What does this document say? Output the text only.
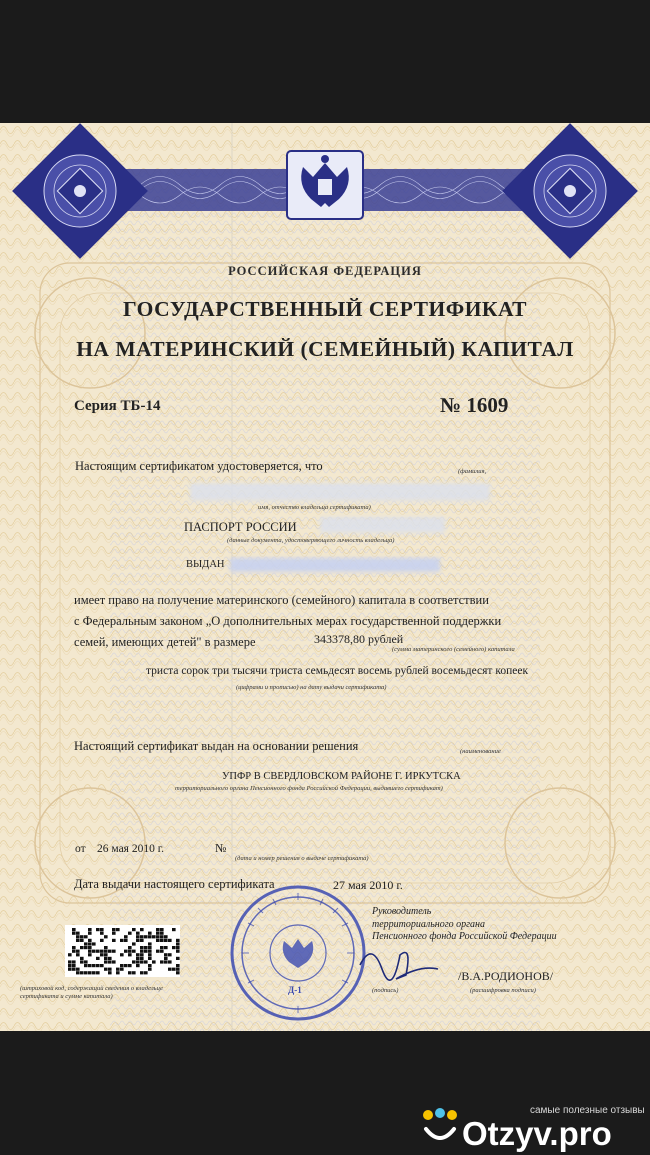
РОССИЙСКАЯ ФЕДЕРАЦИЯ
ГОСУДАРСТВЕННЫЙ СЕРТИФИКАТ
НА МАТЕРИНСКИЙ (СЕМЕЙНЫЙ) КАПИТАЛ
Серия ТБ-14	№ 1609
Настоящим сертификатом удостоверяется, что	(фамилия,
имя, отчество владельца сертификата)
ПАСПОРТ РОССИИ
(данные документа, удостоверяющего личность владельца)
ВЫДАН
имеет право на получение материнского (семейного) капитала в соответствии
с Федеральным законом „О дополнительных мерах государственной поддержки
семей, имеющих детей" в размере	343378,80 рублей
(сумма материнского (семейного) капитала
триста сорок три тысячи триста семьдесят восемь рублей восемьдесят копеек
(цифрами и прописью) на дату выдачи сертификата)
Настоящий сертификат выдан на основании решения	(наименование
УПФР В СВЕРДЛОВСКОМ РАЙОНЕ Г. ИРКУТСКА
территориального органа Пенсионного фонда Российской Федерации, выдавшего сертификат)
от 26 мая 2010 г.	№
(дата и номер решения о выдаче сертификата)
Дата выдачи настоящего сертификата	27 мая 2010 г.
(штриховой код, содержащий сведения о владельце сертификата и сумме капитала)
Руководитель
территориального органа
Пенсионного фонда Российской Федерации
(подпись)
/В.А.РОДИОНОВ/
(расшифровка подписи)
Д-1
самые полезные отзывы
Otzyv.pro
